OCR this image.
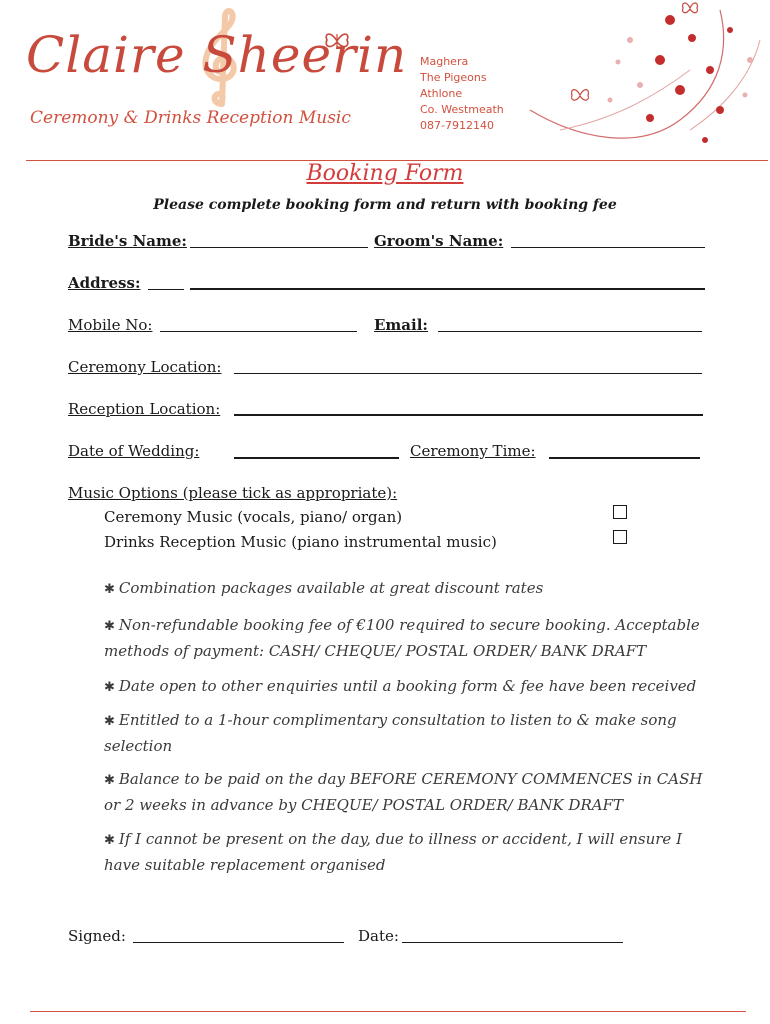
Claire Sheerin
Ceremony & Drinks Reception Music
Maghera
The Pigeons
Athlone
Co. Westmeath
087-7912140
Booking Form
Please complete booking form and return with booking fee
Bride's Name:	Groom's Name:
Address:
Mobile No:	Email:
Ceremony Location:
Reception Location:
Date of Wedding:	Ceremony Time:
Music Options (please tick as appropriate):
Ceremony Music (vocals, piano/ organ)
Drinks Reception Music (piano instrumental music)
✱ Combination packages available at great discount rates
✱ Non-refundable booking fee of €100 required to secure booking. Acceptable methods of payment: CASH/ CHEQUE/ POSTAL ORDER/ BANK DRAFT
✱ Date open to other enquiries until a booking form & fee have been received
✱ Entitled to a 1-hour complimentary consultation to listen to & make song selection
✱ Balance to be paid on the day BEFORE CEREMONY COMMENCES in CASH or 2 weeks in advance by CHEQUE/ POSTAL ORDER/ BANK DRAFT
✱ If I cannot be present on the day, due to illness or accident, I will ensure I have suitable replacement organised
Signed:	Date:
